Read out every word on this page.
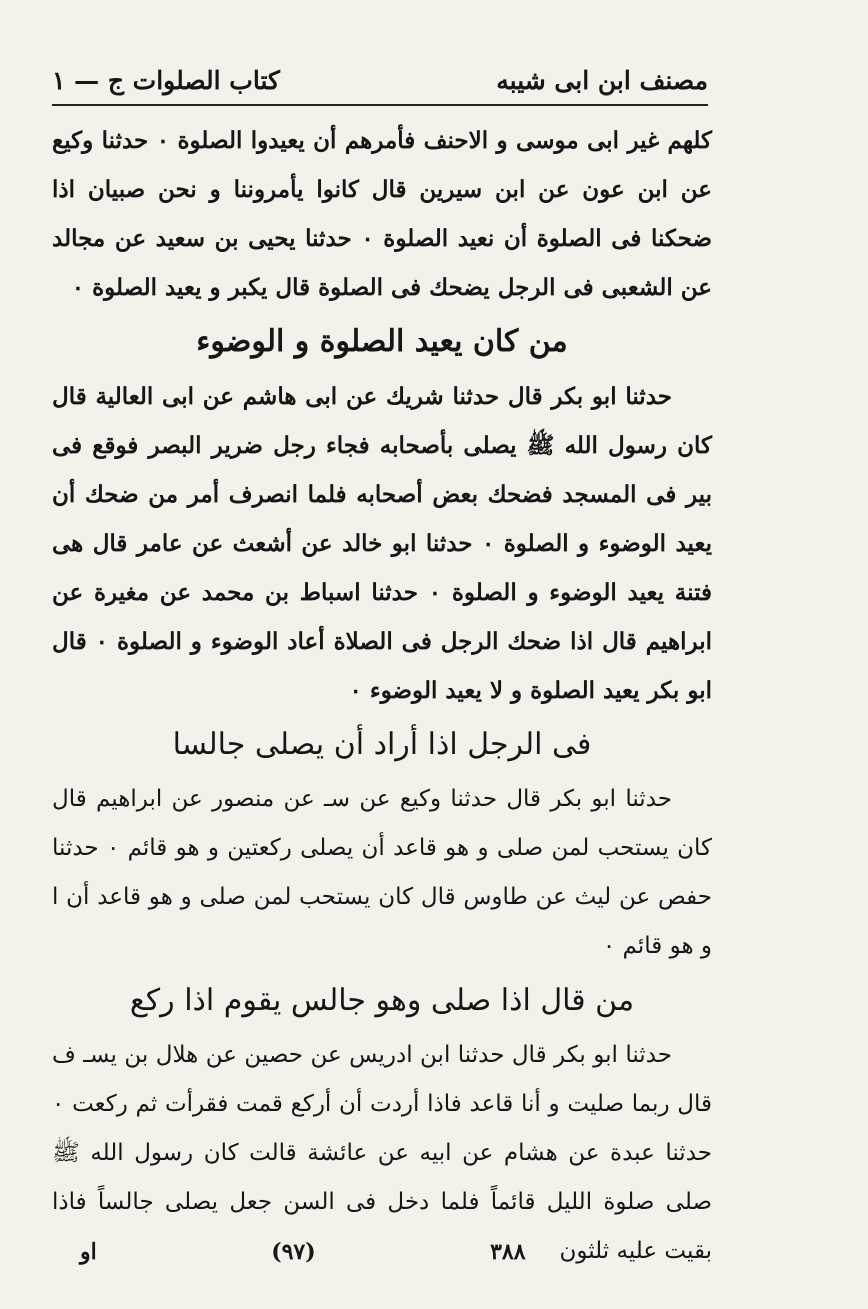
مصنف ابن ابی شیبه
کتاب الصلوات ج — ۱

کلهم غير ابى موسى و الاحنف فأمرهم أن يعيدوا الصلوة ۰ حدثنا وكيع عن ابن عون عن ابن سيرين قال كانوا يأمروننا و نحن صبيان اذا ضحكنا فى الصلوة أن نعيد الصلوة ۰ حدثنا يحيى بن سعيد عن مجالد عن الشعبى فى الرجل يضحك فى الصلوة قال يكبر و يعيد الصلوة ۰

من كان يعيد الصلوة و الوضوء

حدثنا ابو بكر قال حدثنا شريك عن ابى هاشم عن ابى العالية قال كان رسول الله ﷺ يصلى بأصحابه فجاء رجل ضرير البصر فوقع فى بير فى المسجد فضحك بعض أصحابه فلما انصرف أمر من ضحك أن يعيد الوضوء و الصلوة ۰ حدثنا ابو خالد عن أشعث عن عامر قال هى فتنة يعيد الوضوء و الصلوة ۰ حدثنا اسباط بن محمد عن مغيرة عن ابراهيم قال اذا ضحك الرجل فى الصلاة أعاد الوضوء و الصلوة ۰ قال ابو بكر يعيد الصلوة و لا يعيد الوضوء ۰

فى الرجل اذا أراد أن يصلى جالسا

حدثنا ابو بكر قال حدثنا وكيع عن سـ عن منصور عن ابراهيم قال كان يستحب لمن صلى و هو قاعد أن يصلى ركعتين و هو قائم ۰ حدثنا حفص عن ليث عن طاوس قال كان يستحب لمن صلى و هو قاعد أن ا و هو قائم ۰

من قال اذا صلى وهو جالس يقوم اذا ركع

حدثنا ابو بكر قال حدثنا ابن ادريس عن حصين عن هلال بن يسـ ف قال ربما صليت و أنا قاعد فاذا أردت أن أركع قمت فقرأت ثم ركعت ۰ حدثنا عبدة عن هشام عن ابيه عن عائشة قالت كان رسول الله ﷺ صلى صلوة الليل قائماً فلما دخل فى السن جعل يصلى جالساً فاذا بقيت عليه ثلثون

۳۸۸
(۹۷)
او
